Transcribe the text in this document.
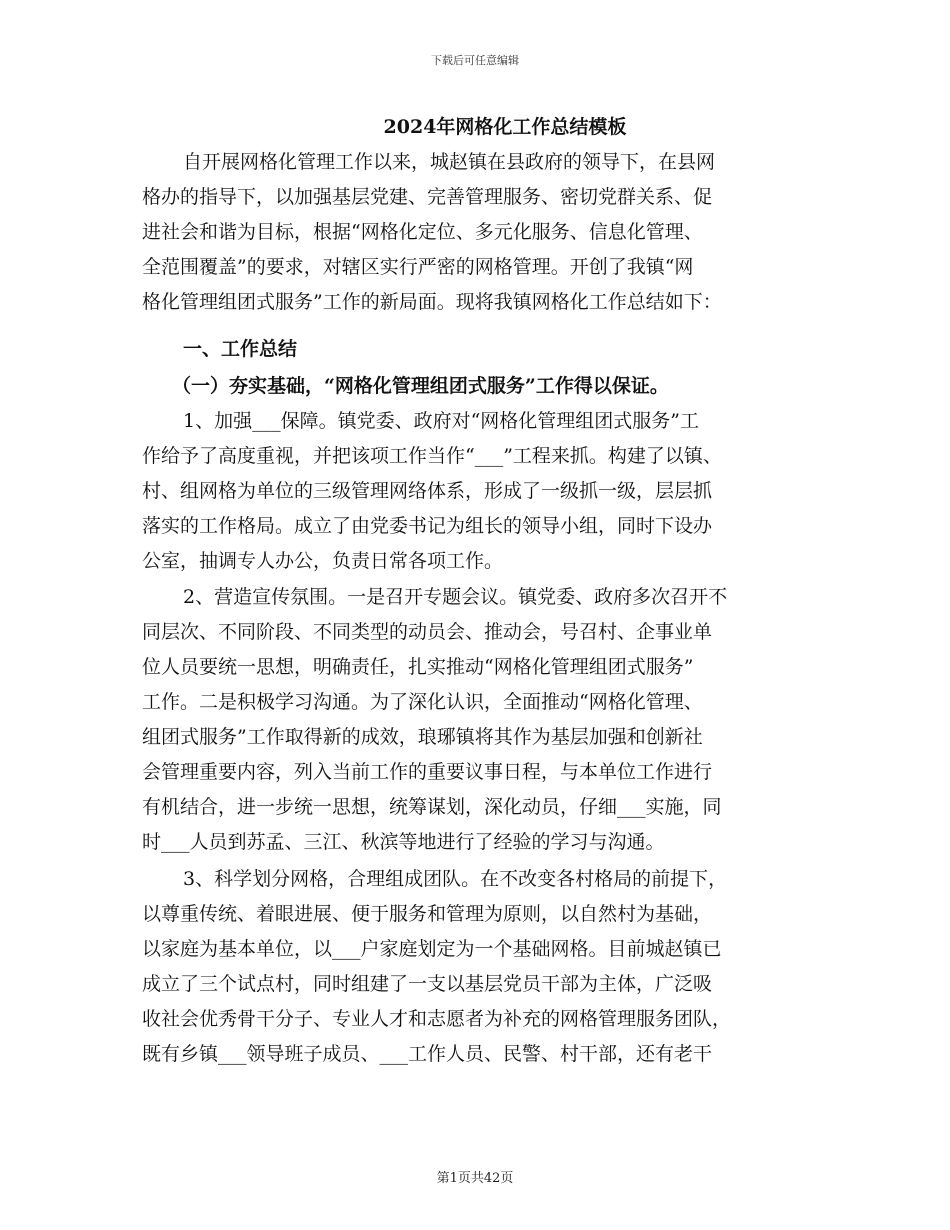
下载后可任意编辑
2024年网格化工作总结模板
自开展网格化管理工作以来，城赵镇在县政府的领导下，在县网
格办的指导下，以加强基层党建、完善管理服务、密切党群关系、促
进社会和谐为目标，根据“网格化定位、多元化服务、信息化管理、
全范围覆盖”的要求，对辖区实行严密的网格管理。开创了我镇“网
格化管理组团式服务”工作的新局面。现将我镇网格化工作总结如下：
一、工作总结
（一）夯实基础，“网格化管理组团式服务”工作得以保证。
1、加强___保障。镇党委、政府对“网格化管理组团式服务”工
作给予了高度重视，并把该项工作当作“___”工程来抓。构建了以镇、
村、组网格为单位的三级管理网络体系，形成了一级抓一级，层层抓
落实的工作格局。成立了由党委书记为组长的领导小组，同时下设办
公室，抽调专人办公，负责日常各项工作。
2、营造宣传氛围。一是召开专题会议。镇党委、政府多次召开不
同层次、不同阶段、不同类型的动员会、推动会，号召村、企事业单
位人员要统一思想，明确责任，扎实推动“网格化管理组团式服务”
工作。二是积极学习沟通。为了深化认识，全面推动“网格化管理、
组团式服务”工作取得新的成效，琅琊镇将其作为基层加强和创新社
会管理重要内容，列入当前工作的重要议事日程，与本单位工作进行
有机结合，进一步统一思想，统筹谋划，深化动员，仔细___实施，同
时___人员到苏孟、三江、秋滨等地进行了经验的学习与沟通。
3、科学划分网格，合理组成团队。在不改变各村格局的前提下，
以尊重传统、着眼进展、便于服务和管理为原则，以自然村为基础，
以家庭为基本单位，以___户家庭划定为一个基础网格。目前城赵镇已
成立了三个试点村，同时组建了一支以基层党员干部为主体，广泛吸
收社会优秀骨干分子、专业人才和志愿者为补充的网格管理服务团队，
既有乡镇___领导班子成员、___工作人员、民警、村干部，还有老干
第1页共42页
